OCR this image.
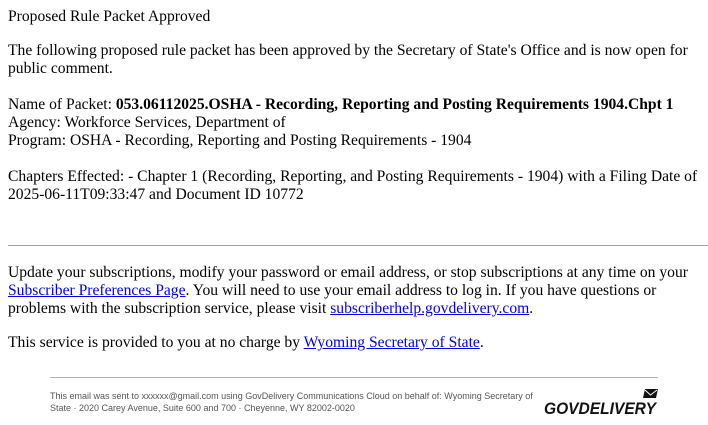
Proposed Rule Packet Approved
The following proposed rule packet has been approved by the Secretary of State's Office and is now open for public comment.
Name of Packet: 053.06112025.OSHA - Recording, Reporting and Posting Requirements 1904.Chpt 1
Agency: Workforce Services, Department of
Program: OSHA - Recording, Reporting and Posting Requirements - 1904
Chapters Effected: - Chapter 1 (Recording, Reporting, and Posting Requirements - 1904) with a Filing Date of 2025-06-11T09:33:47 and Document ID 10772
Update your subscriptions, modify your password or email address, or stop subscriptions at any time on your Subscriber Preferences Page. You will need to use your email address to log in. If you have questions or problems with the subscription service, please visit subscriberhelp.govdelivery.com.
This service is provided to you at no charge by Wyoming Secretary of State.
This email was sent to xxxxxx@gmail.com using GovDelivery Communications Cloud on behalf of: Wyoming Secretary of State · 2020 Carey Avenue, Suite 600 and 700 · Cheyenne, WY 82002-0020	GOVDELIVERY
